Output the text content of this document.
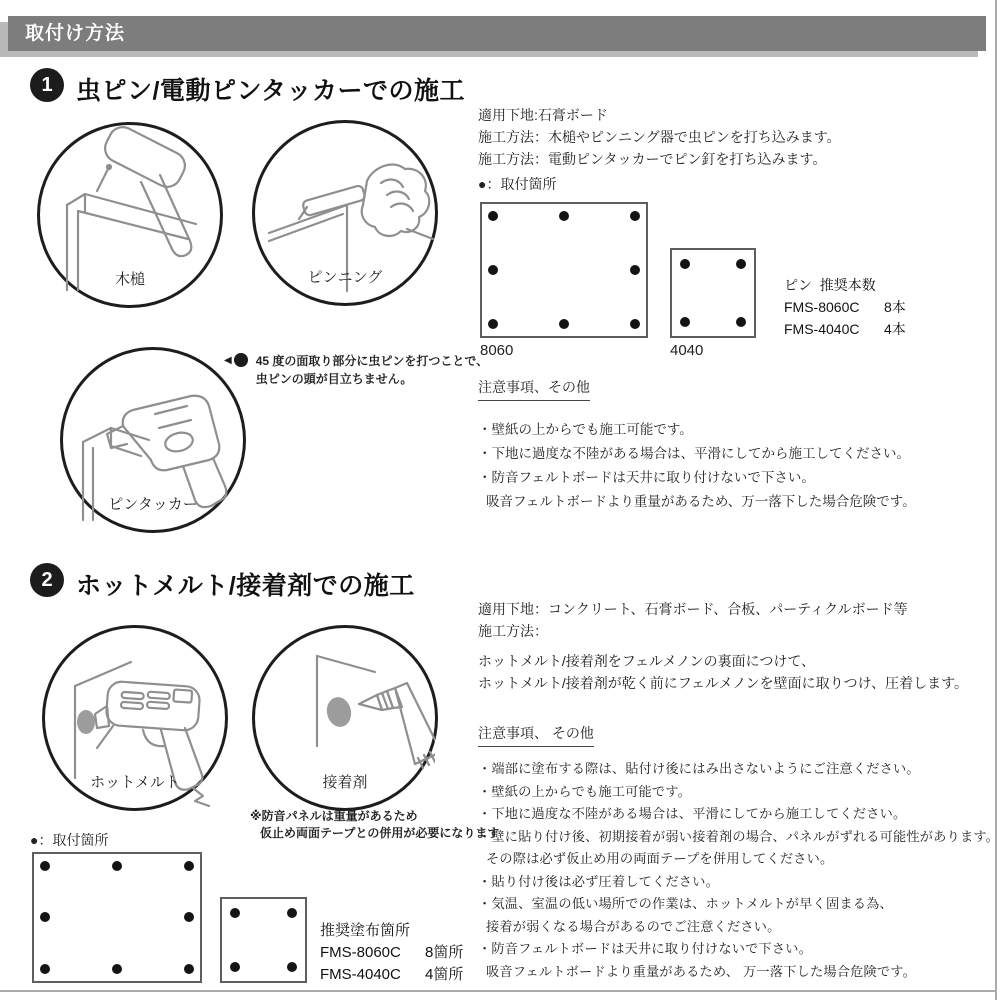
取付け方法
1 虫ピン/電動ピンタッカーでの施工
木槌	ピンニング
ピンタッカー
◀ 45 度の面取り部分に虫ピンを打つことで、
虫ピンの頭が目立ちません。
適用下地:石膏ボード
施工方法：木槌やピンニング器で虫ピンを打ち込みます。
施工方法：電動ピンタッカーでピン釘を打ち込みます。
●：取付箇所
8060	4040
ピン 推奨本数
FMS-8060C 8本
FMS-4040C 4本
注意事項、その他
・壁紙の上からでも施工可能です。
・下地に過度な不陸がある場合は、平滑にしてから施工してください。
・防音フェルトボードは天井に取り付けないで下さい。
吸音フェルトボードより重量があるため、万一落下した場合危険です。
2 ホットメルト/接着剤での施工
ホットメルト	接着剤
※防音パネルは重量があるため
仮止め両面テープとの併用が必要になります
●：取付箇所
推奨塗布箇所
FMS-8060C 8箇所
FMS-4040C 4箇所
適用下地：コンクリート、石膏ボード、合板、パーティクルボード等
施工方法：
ホットメルト/接着剤をフェルメノンの裏面につけて、
ホットメルト/接着剤が乾く前にフェルメノンを壁面に取りつけ、圧着します。
注意事項、 その他
・端部に塗布する際は、貼付け後にはみ出さないようにご注意ください。
・壁紙の上からでも施工可能です。
・下地に過度な不陸がある場合は、平滑にしてから施工してください。
・壁に貼り付け後、初期接着が弱い接着剤の場合、パネルがずれる可能性があります。
その際は必ず仮止め用の両面テープを併用してください。
・貼り付け後は必ず圧着してください。
・気温、室温の低い場所での作業は、ホットメルトが早く固まる為、
接着が弱くなる場合があるのでご注意ください。
・防音フェルトボードは天井に取り付けないで下さい。
吸音フェルトボードより重量があるため、 万一落下した場合危険です。
